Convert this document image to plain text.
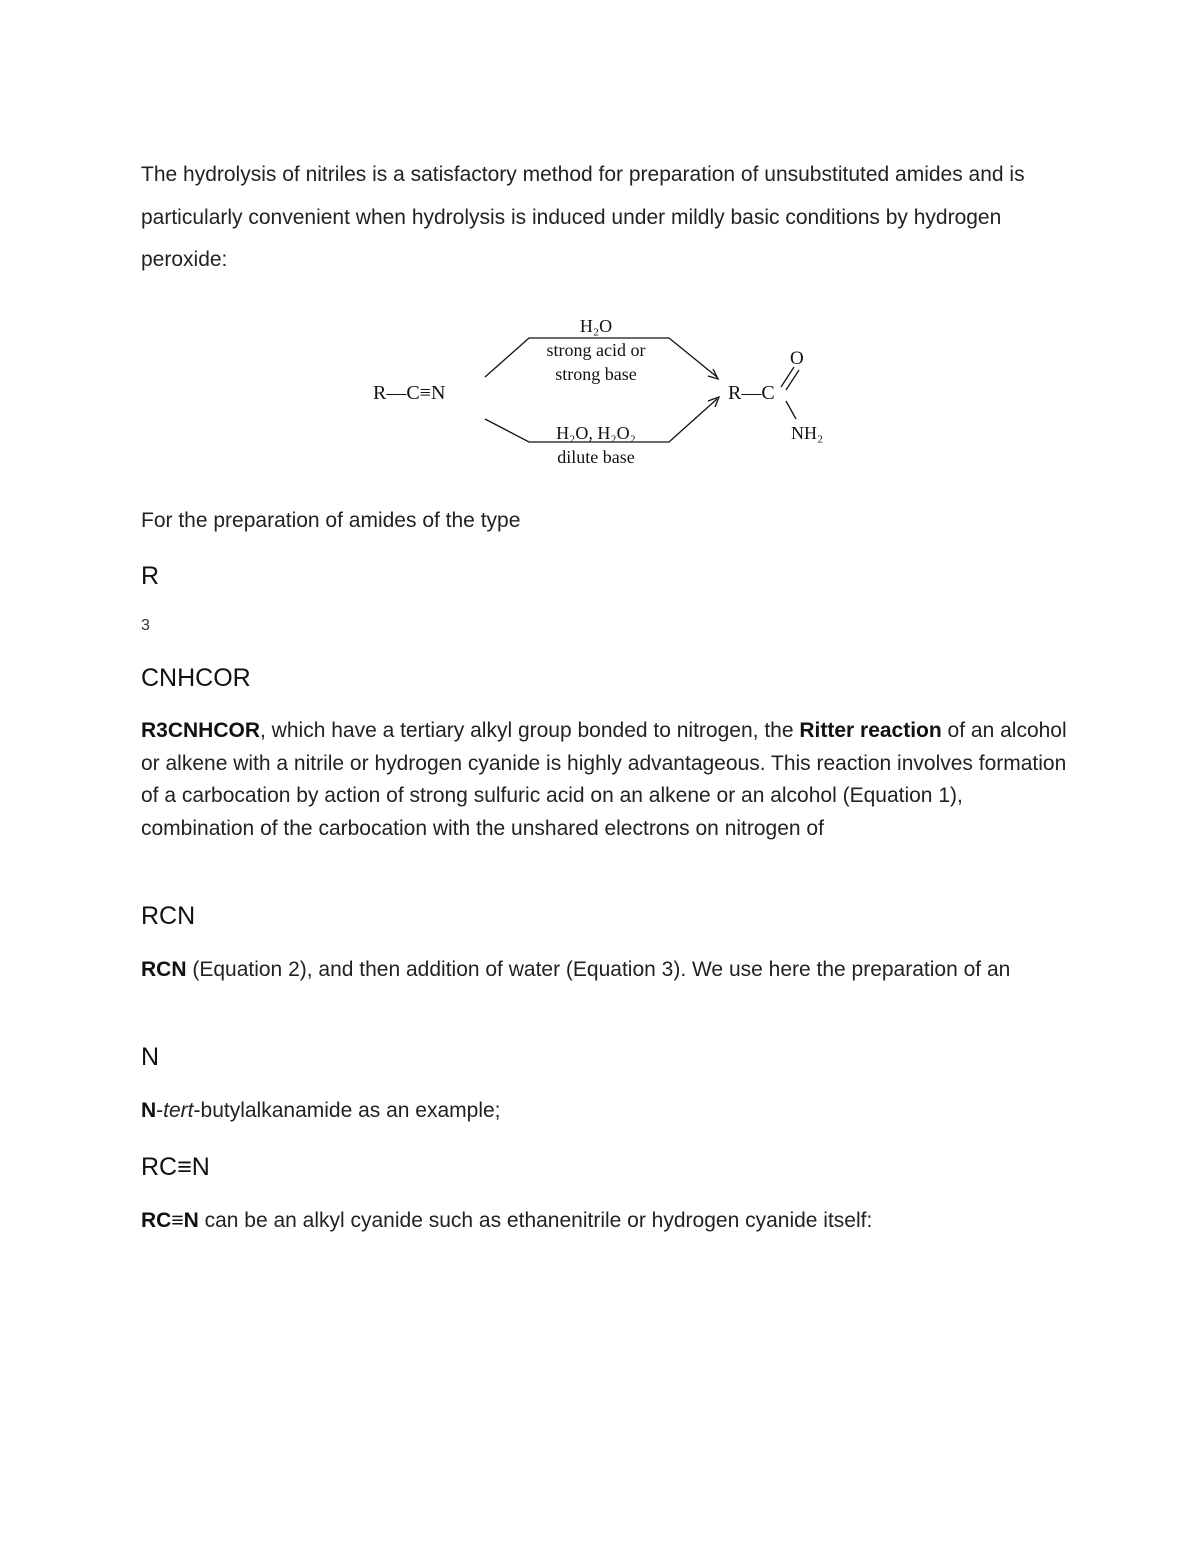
The hydrolysis of nitriles is a satisfactory method for preparation of unsubstituted amides and is particularly convenient when hydrolysis is induced under mildly basic conditions by hydrogen peroxide:

R—C≡N
H₂O
strong acid or
strong base
H₂O, H₂O₂
dilute base
R—C
O
NH₂

For the preparation of amides of the type

R

3

CNHCOR

R3CNHCOR, which have a tertiary alkyl group bonded to nitrogen, the Ritter reaction of an alcohol or alkene with a nitrile or hydrogen cyanide is highly advantageous. This reaction involves formation of a carbocation by action of strong sulfuric acid on an alkene or an alcohol (Equation 1), combination of the carbocation with the unshared electrons on nitrogen of

RCN

RCN (Equation 2), and then addition of water (Equation 3). We use here the preparation of an

N

N-tert-butylalkanamide as an example;

RC≡N

RC≡N can be an alkyl cyanide such as ethanenitrile or hydrogen cyanide itself:
